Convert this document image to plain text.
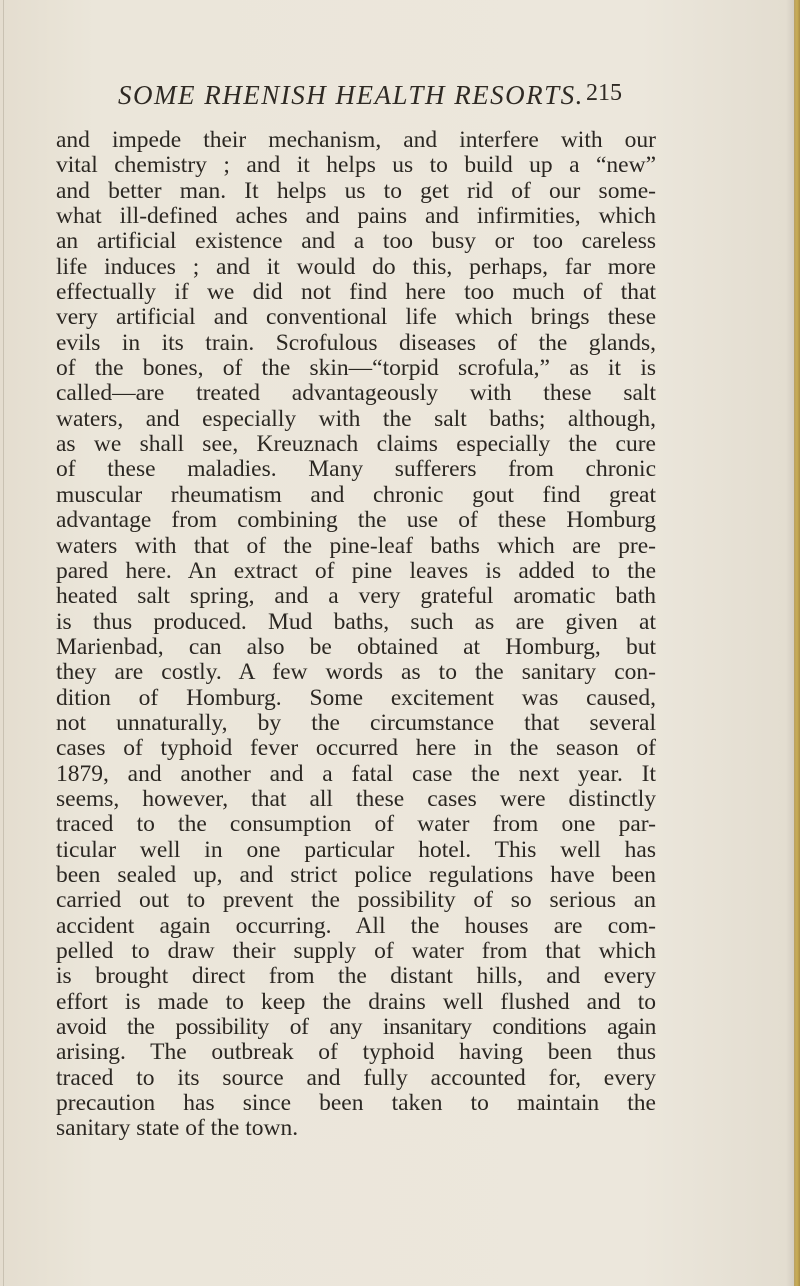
SOME RHENISH HEALTH RESORTS. 215
and impede their mechanism, and interfere with our
vital chemistry ; and it helps us to build up a “new”
and better man. It helps us to get rid of our some-
what ill-defined aches and pains and infirmities, which
an artificial existence and a too busy or too careless
life induces ; and it would do this, perhaps, far more
effectually if we did not find here too much of that
very artificial and conventional life which brings these
evils in its train. Scrofulous diseases of the glands,
of the bones, of the skin—“torpid scrofula,” as it is
called—are treated advantageously with these salt
waters, and especially with the salt baths; although,
as we shall see, Kreuznach claims especially the cure
of these maladies. Many sufferers from chronic
muscular rheumatism and chronic gout find great
advantage from combining the use of these Homburg
waters with that of the pine-leaf baths which are pre-
pared here. An extract of pine leaves is added to the
heated salt spring, and a very grateful aromatic bath
is thus produced. Mud baths, such as are given at
Marienbad, can also be obtained at Homburg, but
they are costly. A few words as to the sanitary con-
dition of Homburg. Some excitement was caused,
not unnaturally, by the circumstance that several
cases of typhoid fever occurred here in the season of
1879, and another and a fatal case the next year. It
seems, however, that all these cases were distinctly
traced to the consumption of water from one par-
ticular well in one particular hotel. This well has
been sealed up, and strict police regulations have been
carried out to prevent the possibility of so serious an
accident again occurring. All the houses are com-
pelled to draw their supply of water from that which
is brought direct from the distant hills, and every
effort is made to keep the drains well flushed and to
avoid the possibility of any insanitary conditions again
arising. The outbreak of typhoid having been thus
traced to its source and fully accounted for, every
precaution has since been taken to maintain the
sanitary state of the town.
